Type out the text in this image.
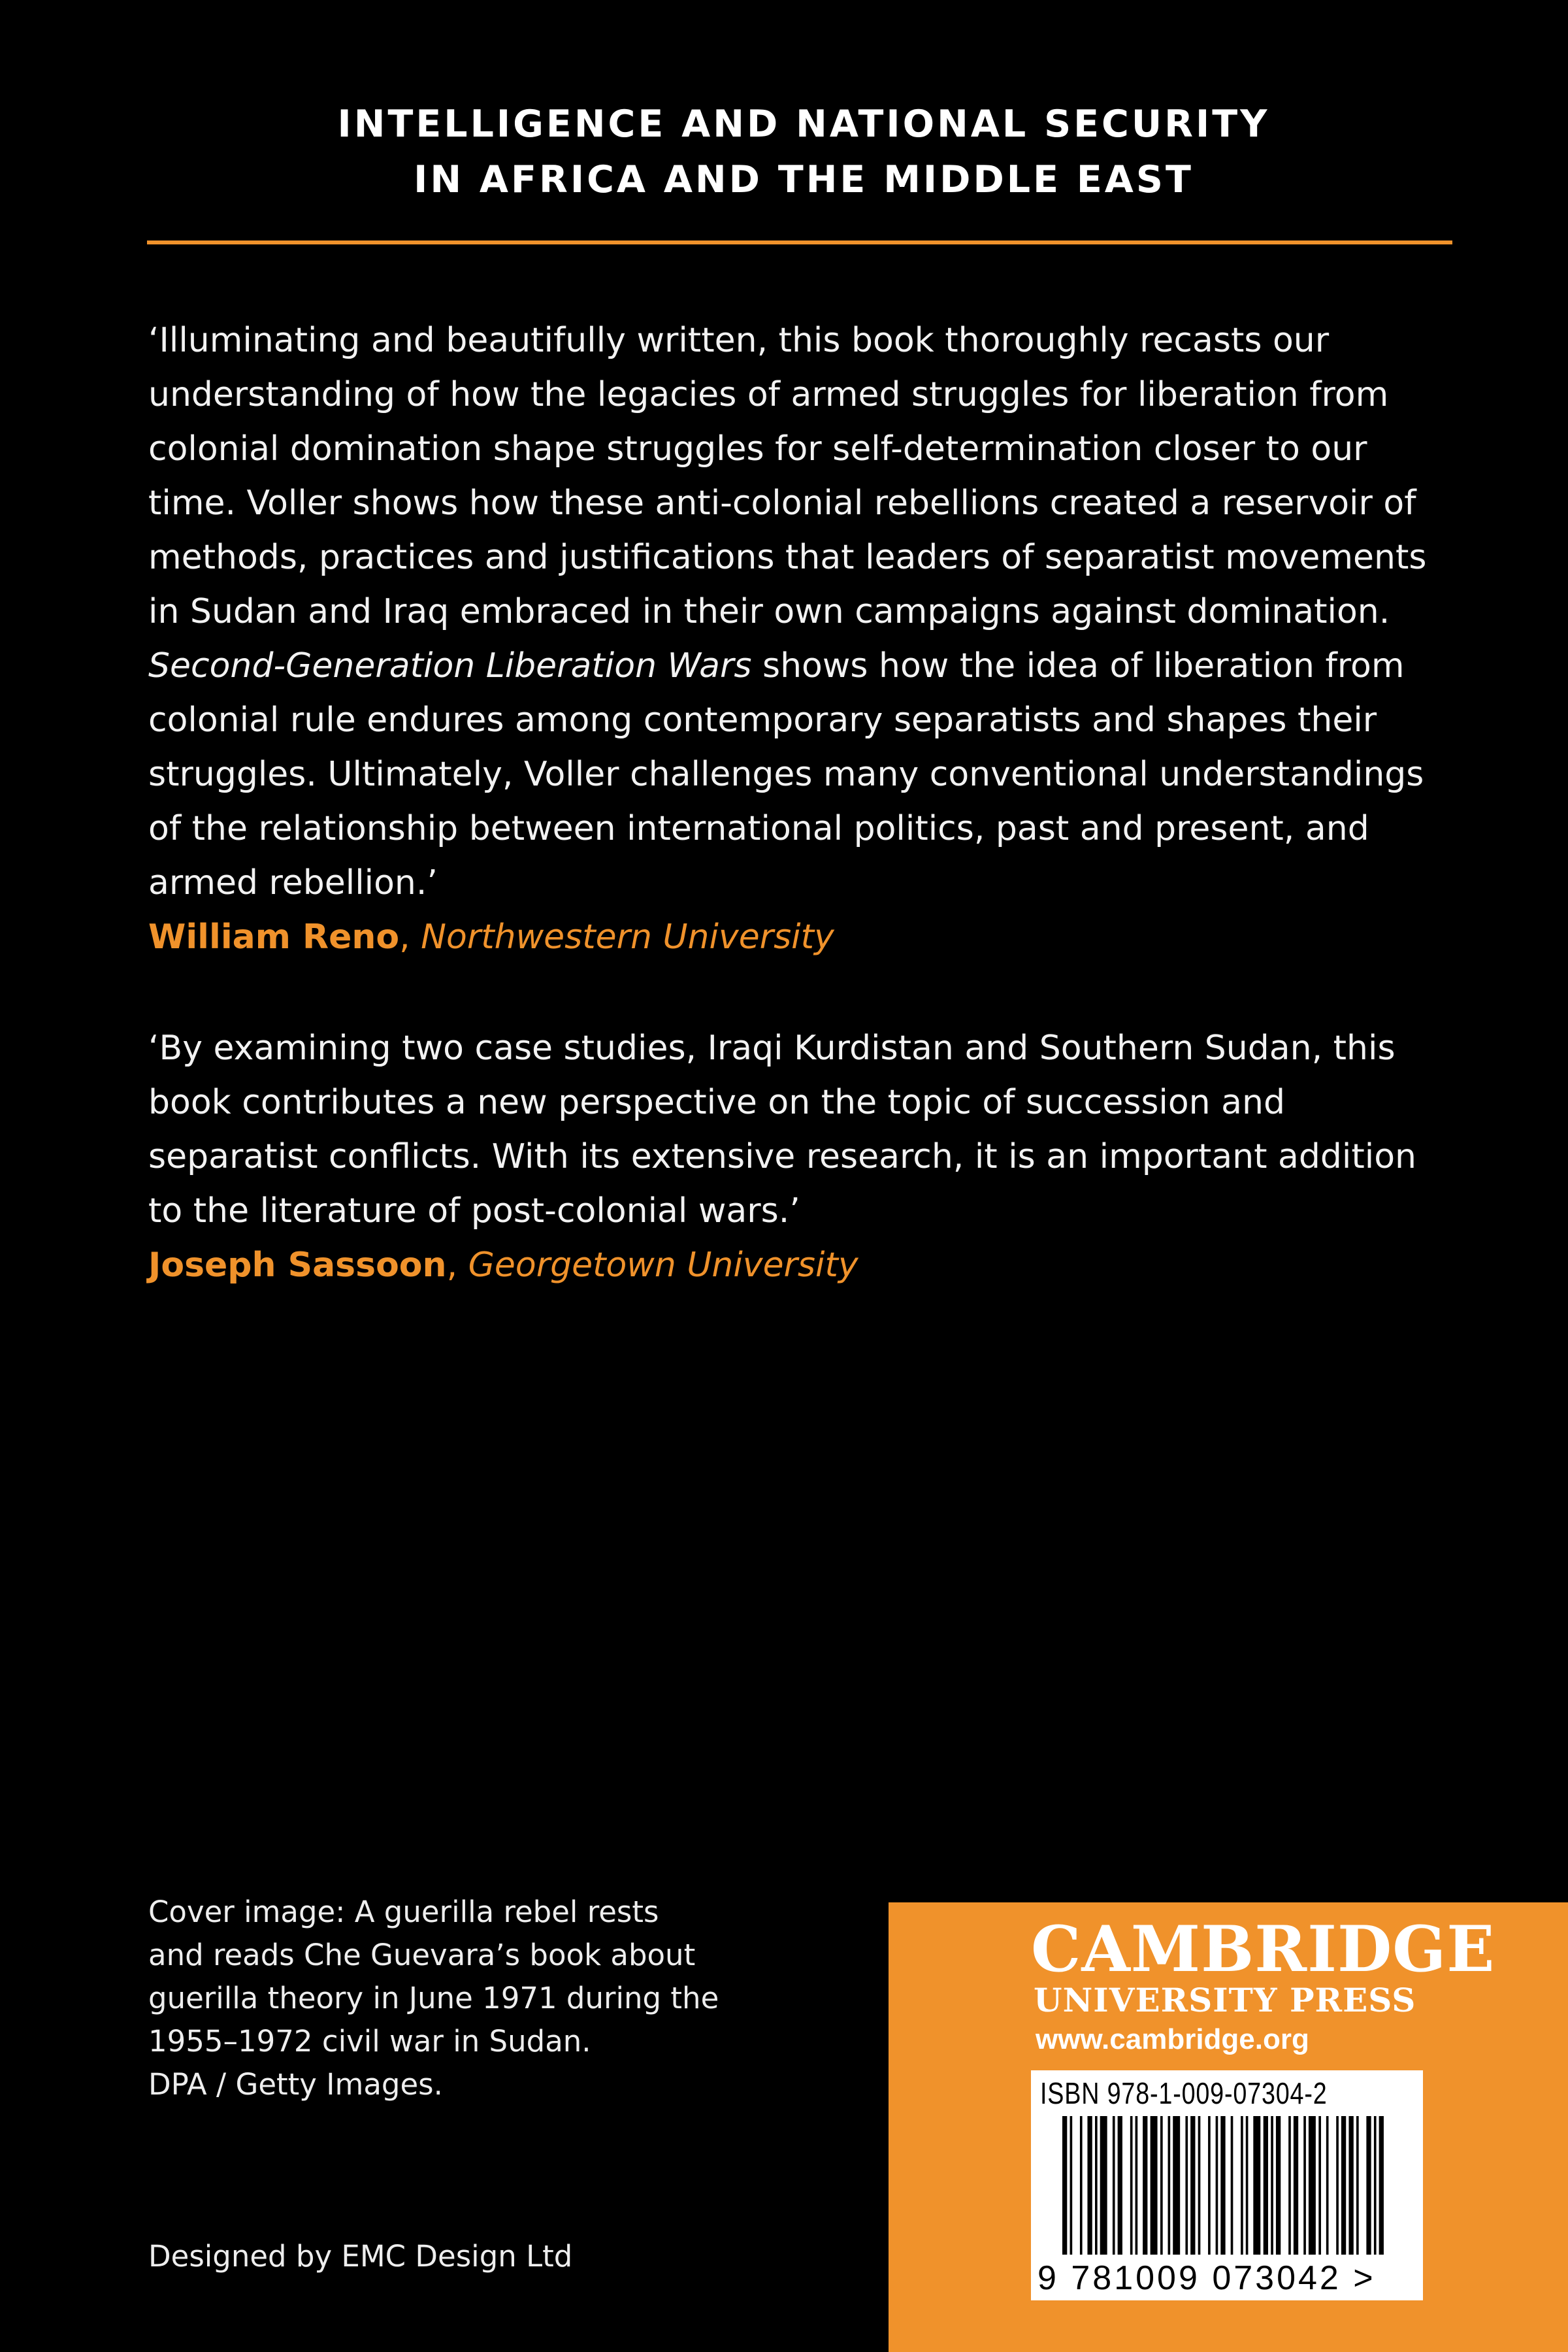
INTELLIGENCE AND NATIONAL SECURITY
IN AFRICA AND THE MIDDLE EAST

‘Illuminating and beautifully written, this book thoroughly recasts our understanding of how the legacies of armed struggles for liberation from colonial domination shape struggles for self-determination closer to our time. Voller shows how these anti-colonial rebellions created a reservoir of methods, practices and justifications that leaders of separatist movements in Sudan and Iraq embraced in their own campaigns against domination. Second-Generation Liberation Wars shows how the idea of liberation from colonial rule endures among contemporary separatists and shapes their struggles. Ultimately, Voller challenges many conventional understandings of the relationship between international politics, past and present, and armed rebellion.’

William Reno, Northwestern University

‘By examining two case studies, Iraqi Kurdistan and Southern Sudan, this book contributes a new perspective on the topic of succession and separatist conflicts. With its extensive research, it is an important addition to the literature of post-colonial wars.’

Joseph Sassoon, Georgetown University
Cover image: A guerilla rebel rests
and reads Che Guevara’s book about
guerilla theory in June 1971 during the
1955–1972 civil war in Sudan.
DPA / Getty Images.
Designed by EMC Design Ltd
CAMBRIDGE
UNIVERSITY PRESS
www.cambridge.org
ISBN 978-1-009-07304-2
9 781009 073042 >
